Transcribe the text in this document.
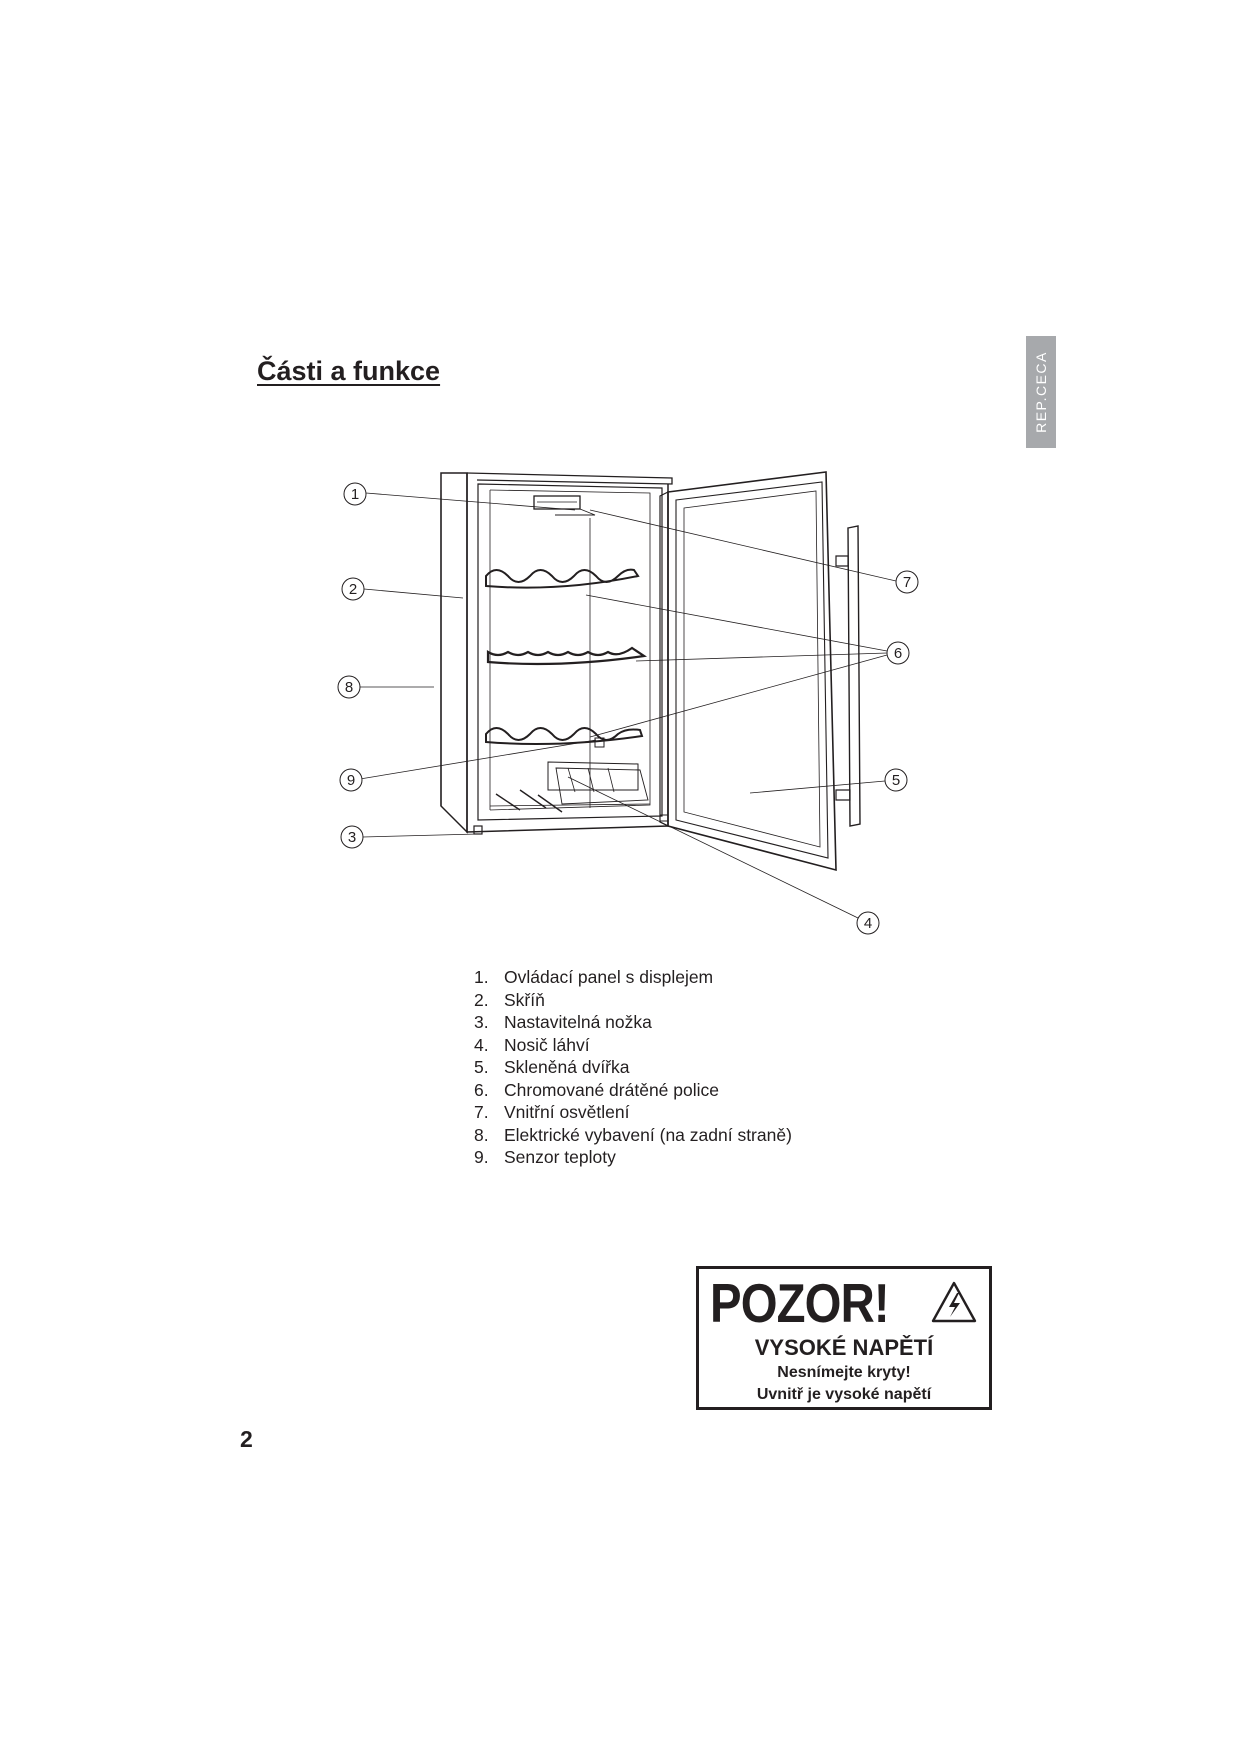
Části a funkce	REP.CECA
1
2
8
9
3
7
6
5
4
1. Ovládací panel s displejem
2. Skříň
3. Nastavitelná nožka
4. Nosič láhví
5. Skleněná dvířka
6. Chromované drátěné police
7. Vnitřní osvětlení
8. Elektrické vybavení (na zadní straně)
9. Senzor teploty
POZOR!
VYSOKÉ NAPĚTÍ
Nesnímejte kryty!
Uvnitř je vysoké napětí
2
